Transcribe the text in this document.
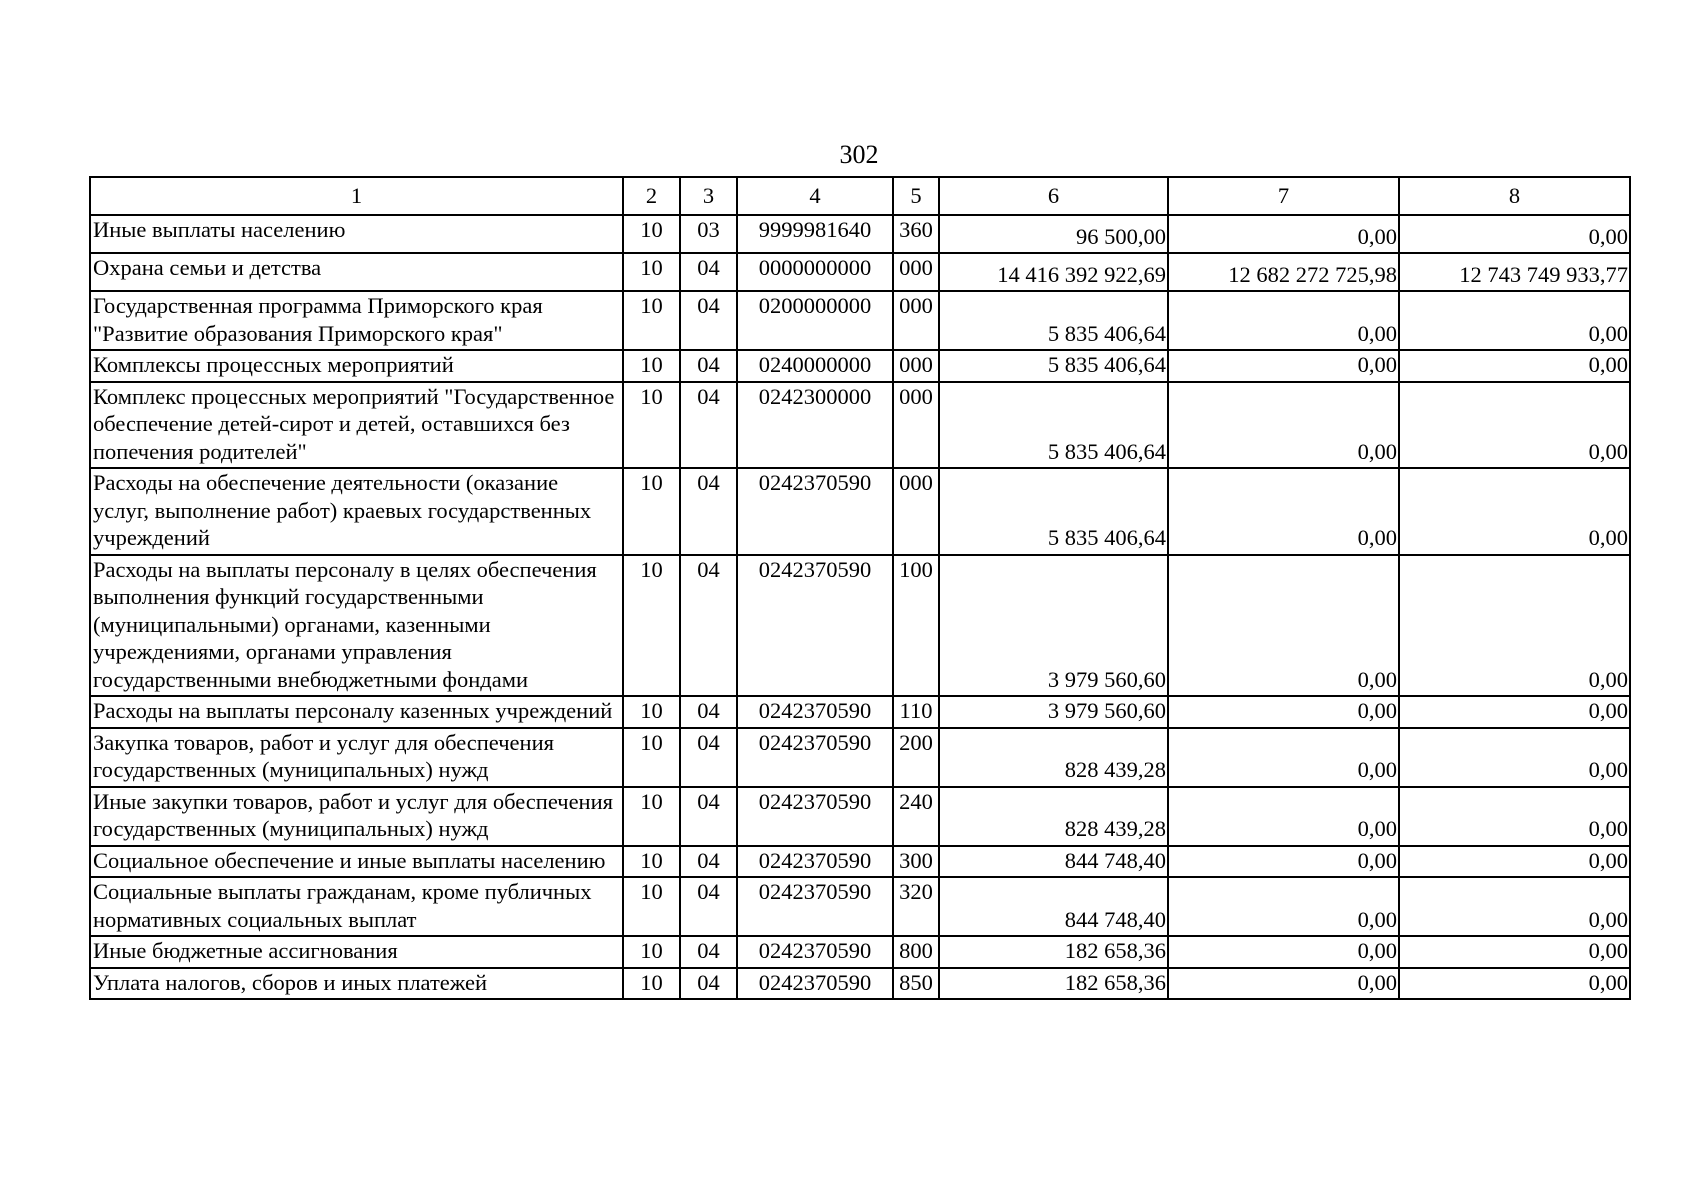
302
1	2	3	4	5	6	7	8
Иные выплаты населению	10	03	9999981640	360	96 500,00	0,00	0,00
Охрана семьи и детства	10	04	0000000000	000	14 416 392 922,69	12 682 272 725,98	12 743 749 933,77
Государственная программа Приморского края "Развитие образования Приморского края"	10	04	0200000000	000	5 835 406,64	0,00	0,00
Комплексы процессных мероприятий	10	04	0240000000	000	5 835 406,64	0,00	0,00
Комплекс процессных мероприятий "Государственное обеспечение детей-сирот и детей, оставшихся без попечения родителей"	10	04	0242300000	000	5 835 406,64	0,00	0,00
Расходы на обеспечение деятельности (оказание услуг, выполнение работ) краевых государственных учреждений	10	04	0242370590	000	5 835 406,64	0,00	0,00
Расходы на выплаты персоналу в целях обеспечения выполнения функций государственными (муниципальными) органами, казенными учреждениями, органами управления государственными внебюджетными фондами	10	04	0242370590	100	3 979 560,60	0,00	0,00
Расходы на выплаты персоналу казенных учреждений	10	04	0242370590	110	3 979 560,60	0,00	0,00
Закупка товаров, работ и услуг для обеспечения государственных (муниципальных) нужд	10	04	0242370590	200	828 439,28	0,00	0,00
Иные закупки товаров, работ и услуг для обеспечения государственных (муниципальных) нужд	10	04	0242370590	240	828 439,28	0,00	0,00
Социальное обеспечение и иные выплаты населению	10	04	0242370590	300	844 748,40	0,00	0,00
Социальные выплаты гражданам, кроме публичных нормативных социальных выплат	10	04	0242370590	320	844 748,40	0,00	0,00
Иные бюджетные ассигнования	10	04	0242370590	800	182 658,36	0,00	0,00
Уплата налогов, сборов и иных платежей	10	04	0242370590	850	182 658,36	0,00	0,00
